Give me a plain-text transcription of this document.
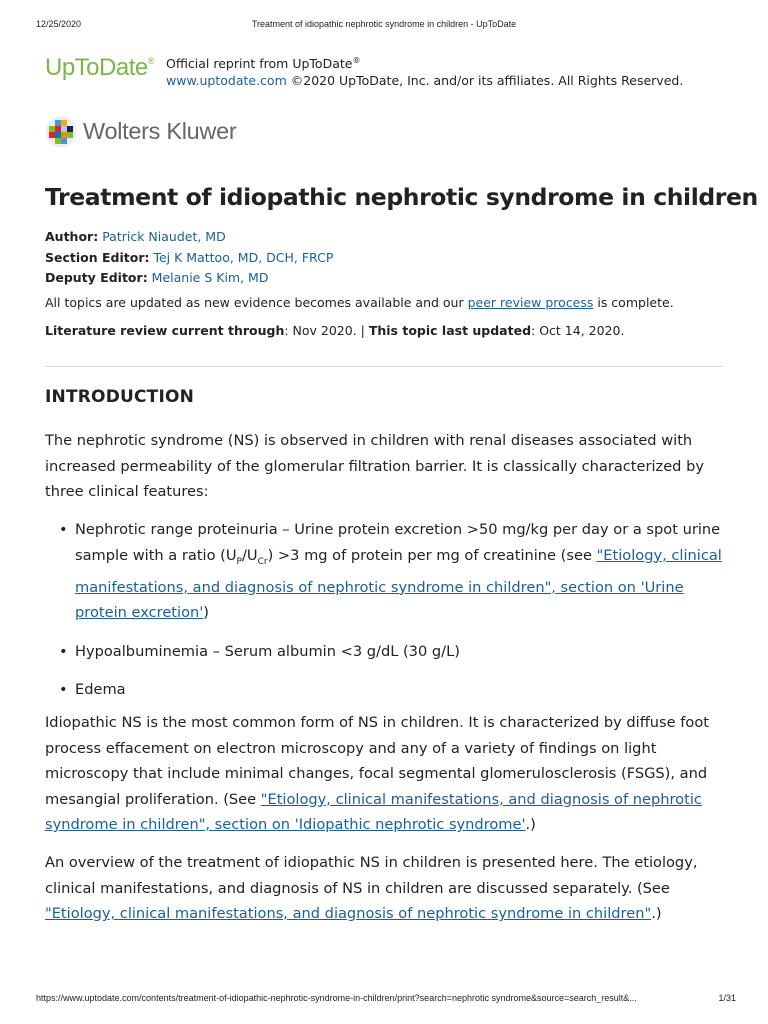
12/25/2020	Treatment of idiopathic nephrotic syndrome in children - UpToDate
UpToDate® Official reprint from UpToDate®
www.uptodate.com ©2020 UpToDate, Inc. and/or its affiliates. All Rights Reserved.
Wolters Kluwer
Treatment of idiopathic nephrotic syndrome in children
Author: Patrick Niaudet, MD
Section Editor: Tej K Mattoo, MD, DCH, FRCP
Deputy Editor: Melanie S Kim, MD
All topics are updated as new evidence becomes available and our peer review process is complete.
Literature review current through: Nov 2020. | This topic last updated: Oct 14, 2020.
INTRODUCTION

The nephrotic syndrome (NS) is observed in children with renal diseases associated with increased permeability of the glomerular filtration barrier. It is classically characterized by three clinical features:

• Nephrotic range proteinuria – Urine protein excretion >50 mg/kg per day or a spot urine sample with a ratio $(U_P/U_{Cr}) >3$ mg of protein per mg of creatinine (see "Etiology, clinical manifestations, and diagnosis of nephrotic syndrome in children", section on 'Urine protein excretion')
• Hypoalbuminemia – Serum albumin <3 g/dL (30 g/L)
• Edema

Idiopathic NS is the most common form of NS in children. It is characterized by diffuse foot process effacement on electron microscopy and any of a variety of findings on light microscopy that include minimal changes, focal segmental glomerulosclerosis (FSGS), and mesangial proliferation. (See "Etiology, clinical manifestations, and diagnosis of nephrotic syndrome in children", section on 'Idiopathic nephrotic syndrome'.)

An overview of the treatment of idiopathic NS in children is presented here. The etiology, clinical manifestations, and diagnosis of NS in children are discussed separately. (See "Etiology, clinical manifestations, and diagnosis of nephrotic syndrome in children".)

https://www.uptodate.com/contents/treatment-of-idiopathic-nephrotic-syndrome-in-children/print?search=nephrotic syndrome&source=search_result&...	1/31
